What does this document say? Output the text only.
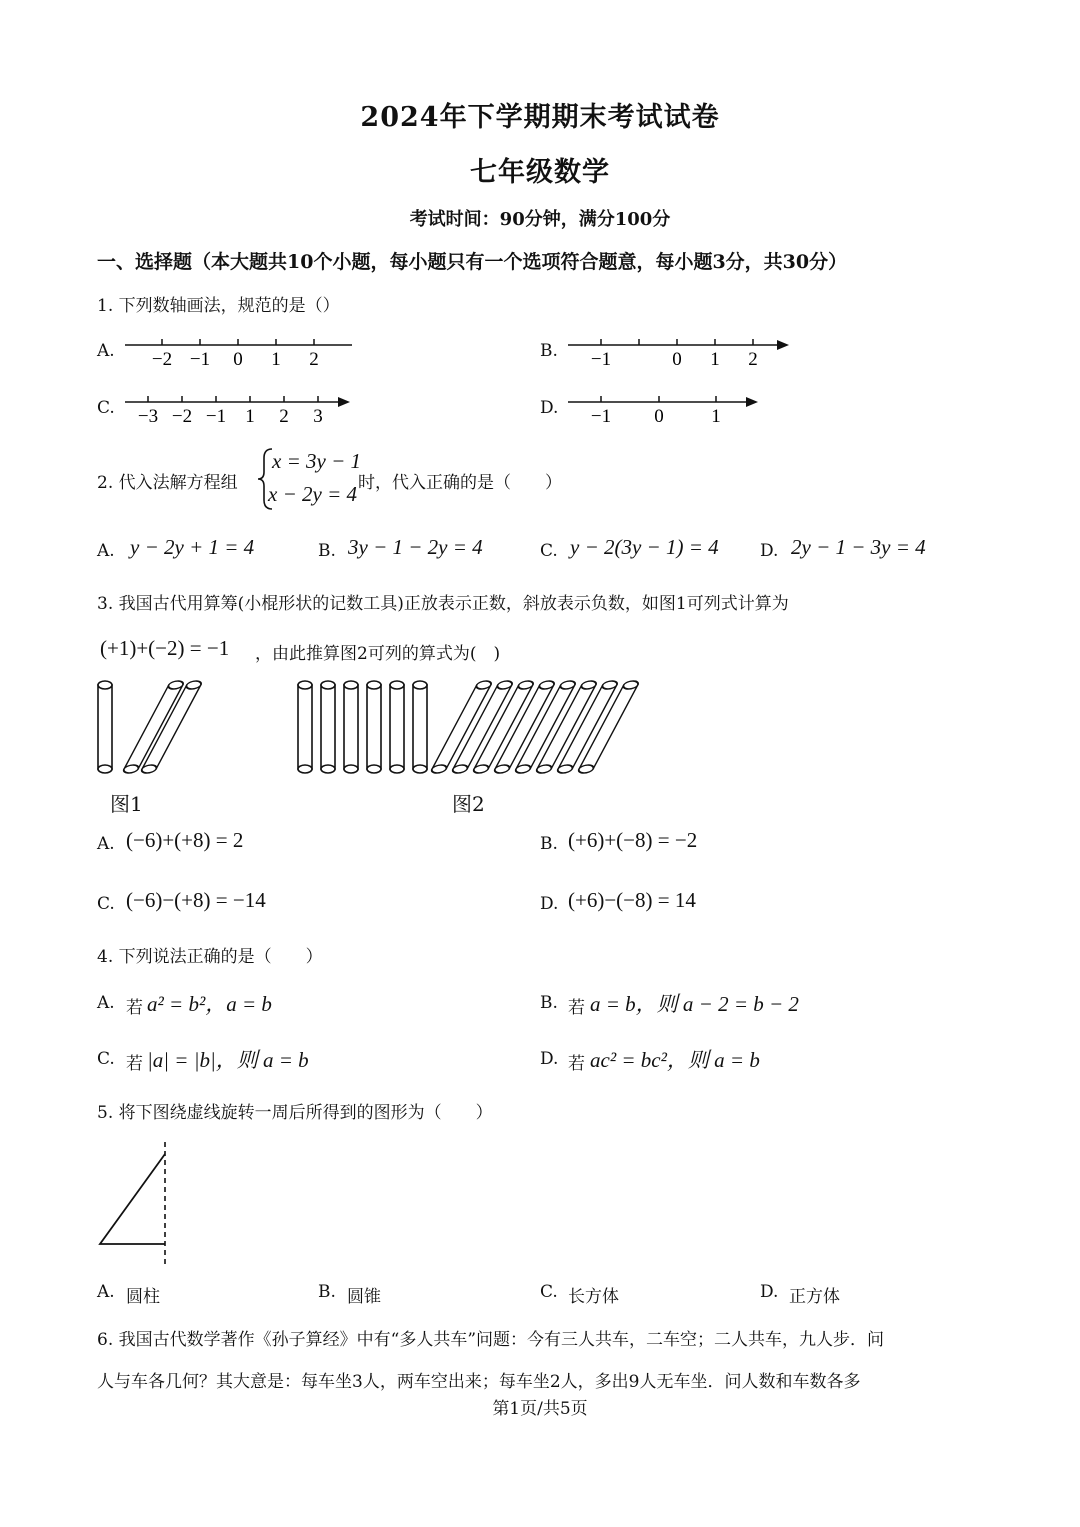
2024年下学期期末考试试卷
七年级数学
考试时间：90分钟，满分100分
一、选择题（本大题共10个小题，每小题只有一个选项符合题意，每小题3分，共30分）
1. 下列数轴画法，规范的是（）
A. −2 −1 0 1 2	B. −1	0 1 2
C. −3 −2 −1 1 2 3	D. −1 0	1
2. 代入法解方程组
x = 3y − 1
x − 2y = 4 时，代入正确的是（　　）
A. y − 2y + 1 = 4	B. 3y − 1 − 2y = 4	C. y − 2(3y − 1) = 4 D. 2y − 1 − 3y = 4
3. 我国古代用算筹(小棍形状的记数工具)正放表示正数，斜放表示负数，如图1可列式计算为
(+1)+(−2) = −1 ，由此推算图2可列的算式为(　)
图1	图2
A. (−6)+(+8) = 2	B. (+6)+(−8) = −2
C. (−6)−(+8) = −14	D. (+6)−(−8) = 14
4. 下列说法正确的是（　　）
A. 若 a² = b²，a = b	B. 若 a = b，则 a − 2 = b − 2
C. 若 |a| = |b|，则 a = b	D. 若 ac² = bc²，则 a = b
5. 将下图绕虚线旋转一周后所得到的图形为（　　）
A. 圆柱	B. 圆锥	C. 长方体	D. 正方体
6. 我国古代数学著作《孙子算经》中有“多人共车”问题：今有三人共车，二车空；二人共车，九人步．问
人与车各几何？其大意是：每车坐3人，两车空出来；每车坐2人，多出9人无车坐．问人数和车数各多
第1页/共5页
